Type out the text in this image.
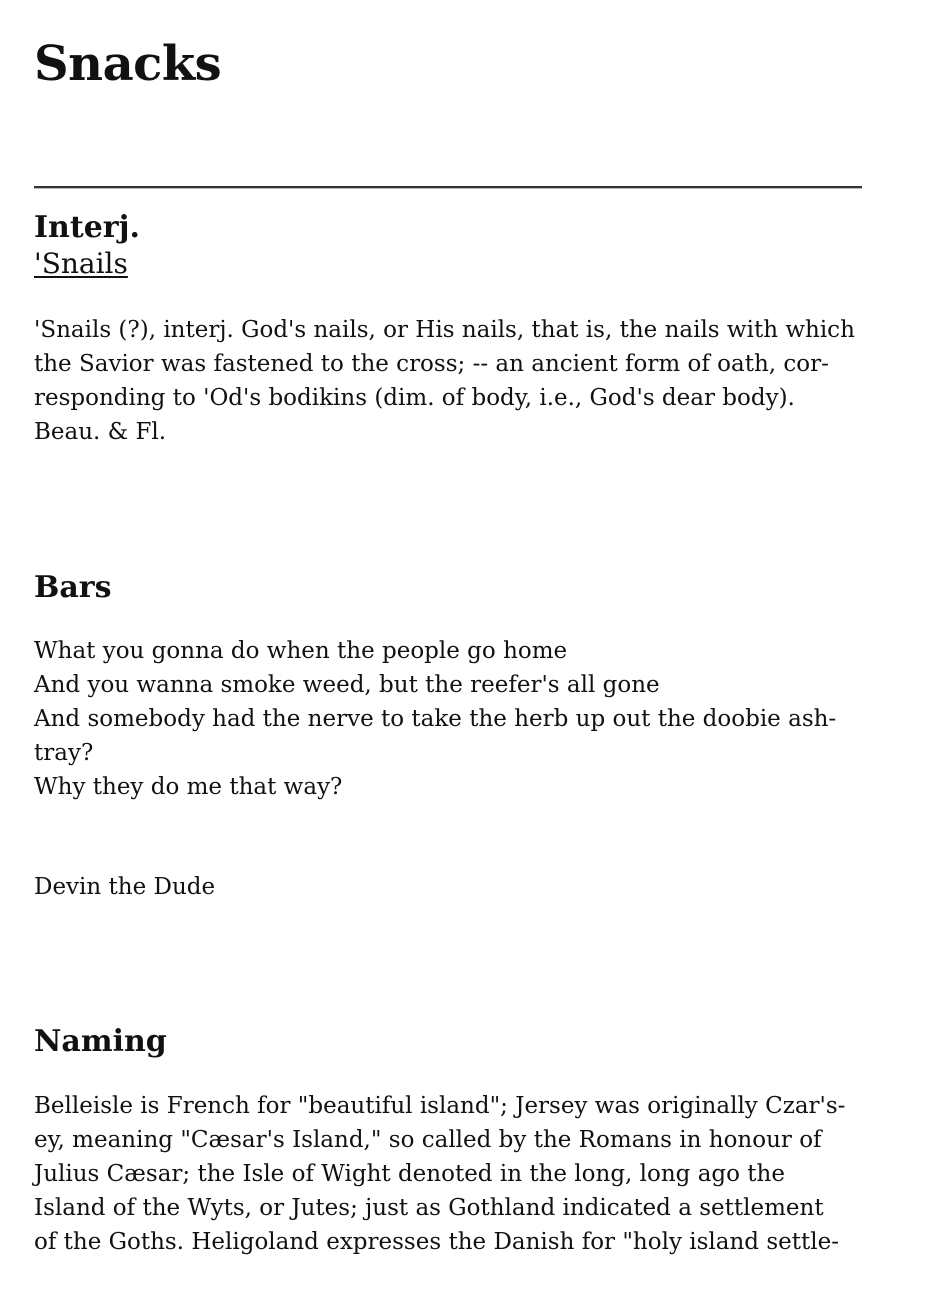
Snacks
Interj.
'Snails

'Snails (?), interj. God's nails, or His nails, that is, the nails with which
the Savior was fastened to the cross; -- an ancient form of oath, cor-
responding to 'Od's bodikins (dim. of body, i.e., God's dear body).
Beau. & Fl.

Bars

What you gonna do when the people go home
And you wanna smoke weed, but the reefer's all gone
And somebody had the nerve to take the herb up out the doobie ash-
tray?
Why they do me that way?

Devin the Dude

Naming

Belleisle is French for "beautiful island"; Jersey was originally Czar's-
ey, meaning "Cæsar's Island," so called by the Romans in honour of
Julius Cæsar; the Isle of Wight denoted in the long, long ago the
Island of the Wyts, or Jutes; just as Gothland indicated a settlement
of the Goths. Heligoland expresses the Danish for "holy island settle-
